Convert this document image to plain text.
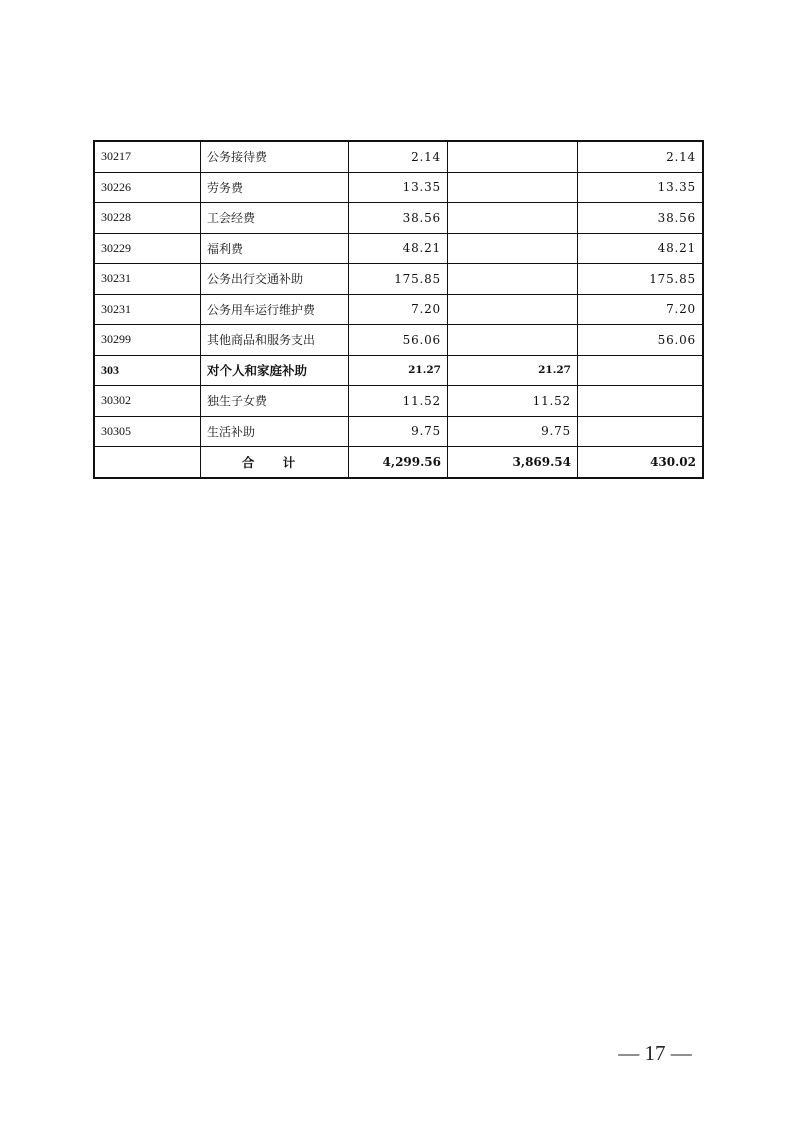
30217	公务接待费	2.14		2.14
30226	劳务费	13.35		13.35
30228	工会经费	38.56		38.56
30229	福利费	48.21		48.21
30231	公务出行交通补助	175.85		175.85
30231	公务用车运行维护费	7.20		7.20
30299	其他商品和服务支出	56.06		56.06
303	对个人和家庭补助	21.27	21.27	
30302	独生子女费	11.52	11.52	
30305	生活补助	9.75	9.75	
	合 计	4,299.56	3,869.54	430.02
— 17 —
